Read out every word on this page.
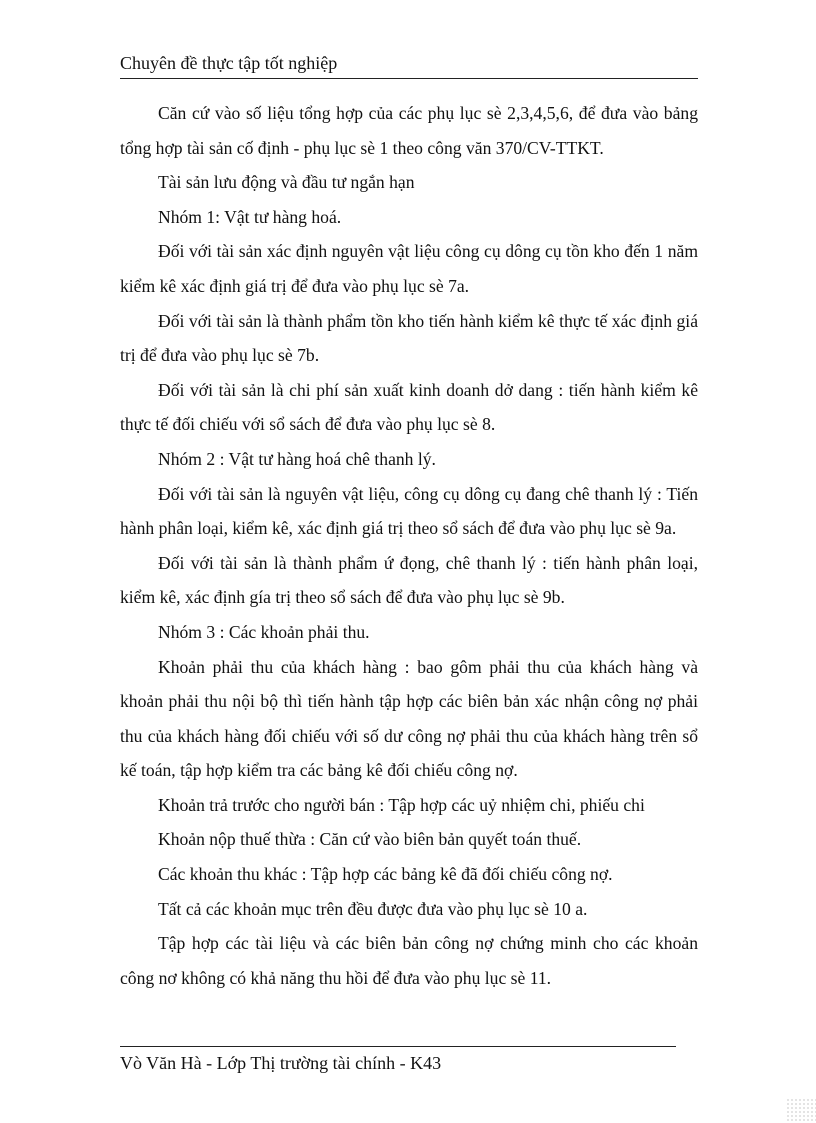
Chuyên đề thực tập tốt nghiệp

Căn cứ vào số liệu tổng hợp của các phụ lục sè 2,3,4,5,6, để đưa vào bảng tổng hợp tài sản cố định - phụ lục sè 1 theo công văn 370/CV-TTKT.

Tài sản lưu động và đầu tư ngắn hạn

Nhóm 1: Vật tư hàng hoá.

Đối với tài sản xác định nguyên vật liệu công cụ dông cụ tồn kho đến 1 năm kiểm kê xác định giá trị để đưa vào phụ lục sè 7a.

Đối với tài sản là thành phẩm tồn kho tiến hành kiểm kê thực tế xác định giá trị để đưa vào phụ lục sè 7b.

Đối với tài sản là chi phí sản xuất kinh doanh dở dang : tiến hành kiểm kê thực tế đối chiếu với sổ sách để đưa vào phụ lục sè 8.

Nhóm 2 : Vật tư hàng hoá chê thanh lý.

Đối với tài sản là nguyên vật liệu, công cụ dông cụ đang chê thanh lý : Tiến hành phân loại, kiểm kê, xác định giá trị theo sổ sách để đưa vào phụ lục sè 9a.

Đối với tài sản là thành phẩm ứ đọng, chê thanh lý : tiến hành phân loại, kiểm kê, xác định gía trị theo sổ sách để đưa vào phụ lục sè 9b.

Nhóm 3 : Các khoản phải thu.

Khoản phải thu của khách hàng : bao gôm phải thu của khách hàng và khoản phải thu nội bộ thì tiến hành tập hợp các biên bản xác nhận công nợ phải thu của khách hàng đối chiếu với số dư công nợ phải thu của khách hàng trên sổ kế toán, tập hợp kiểm tra các bảng kê đối chiếu công nợ.

Khoản trả trước cho người bán : Tập hợp các uỷ nhiệm chi, phiếu chi

Khoản nộp thuế thừa : Căn cứ vào biên bản quyết toán thuế.

Các khoản thu khác : Tập hợp các bảng kê đã đối chiếu công nợ.

Tất cả các khoản mục trên đều được đưa vào phụ lục sè 10 a.

Tập hợp các tài liệu và các biên bản công nợ chứng minh cho các khoản công nơ không có khả năng thu hồi để đưa vào phụ lục sè 11.

Vò Văn Hà - Lớp Thị trường tài chính - K43
